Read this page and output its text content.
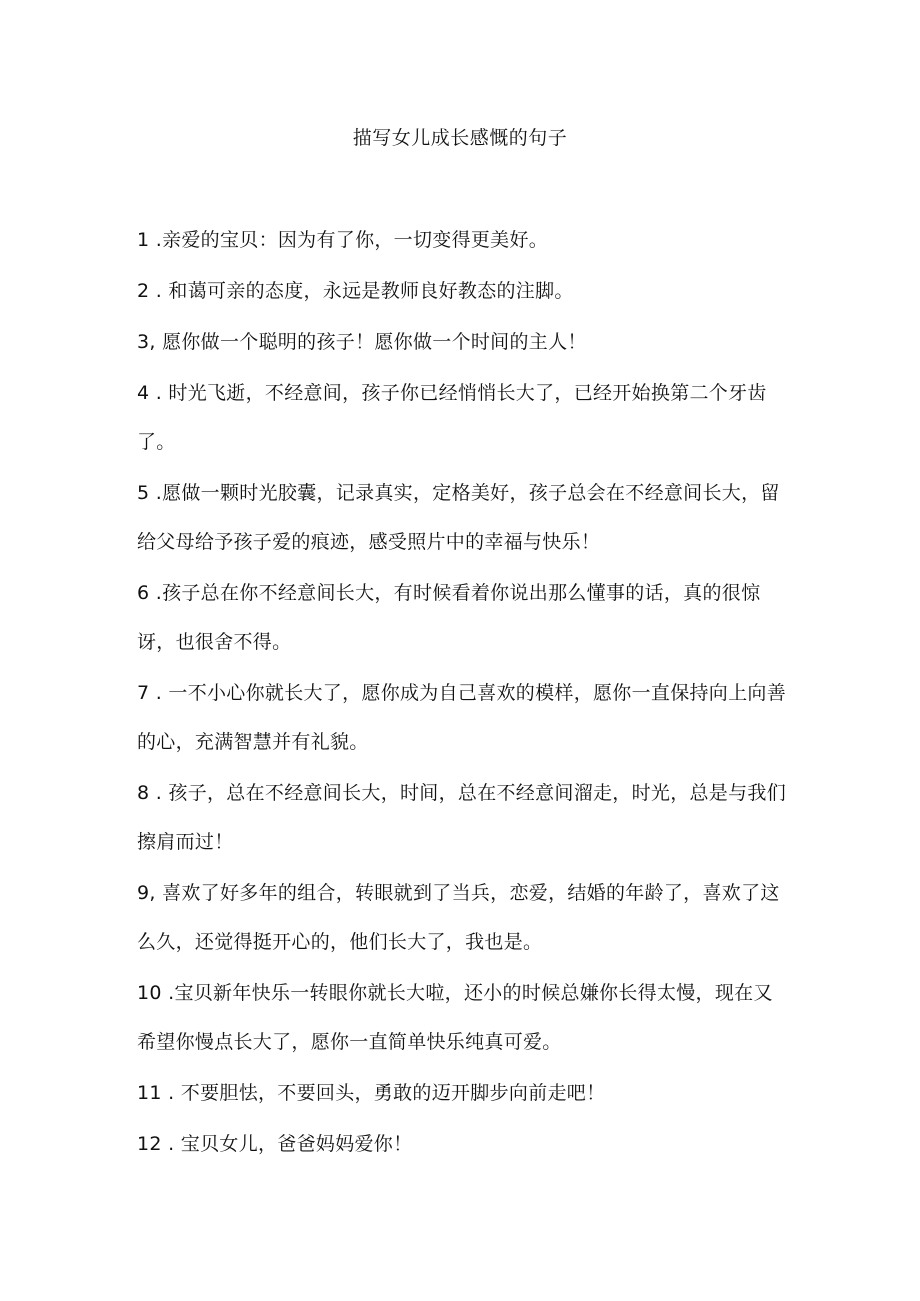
描写女儿成长感慨的句子

1 .亲爱的宝贝：因为有了你，一切变得更美好。

2 . 和蔼可亲的态度，永远是教师良好教态的注脚。

3, 愿你做一个聪明的孩子！愿你做一个时间的主人！

4 . 时光飞逝，不经意间，孩子你已经悄悄长大了，已经开始换第二个牙齿了。

5 .愿做一颗时光胶囊，记录真实，定格美好，孩子总会在不经意间长大，留给父母给予孩子爱的痕迹，感受照片中的幸福与快乐！

6 .孩子总在你不经意间长大，有时候看着你说出那么懂事的话，真的很惊讶，也很舍不得。

7 . 一不小心你就长大了，愿你成为自己喜欢的模样，愿你一直保持向上向善的心，充满智慧并有礼貌。

8 . 孩子，总在不经意间长大，时间，总在不经意间溜走，时光，总是与我们擦肩而过！

9, 喜欢了好多年的组合，转眼就到了当兵，恋爱，结婚的年龄了，喜欢了这么久，还觉得挺开心的，他们长大了，我也是。

10 .宝贝新年快乐一转眼你就长大啦，还小的时候总嫌你长得太慢，现在又希望你慢点长大了，愿你一直简单快乐纯真可爱。

11 . 不要胆怯，不要回头，勇敢的迈开脚步向前走吧！

12 . 宝贝女儿，爸爸妈妈爱你！
